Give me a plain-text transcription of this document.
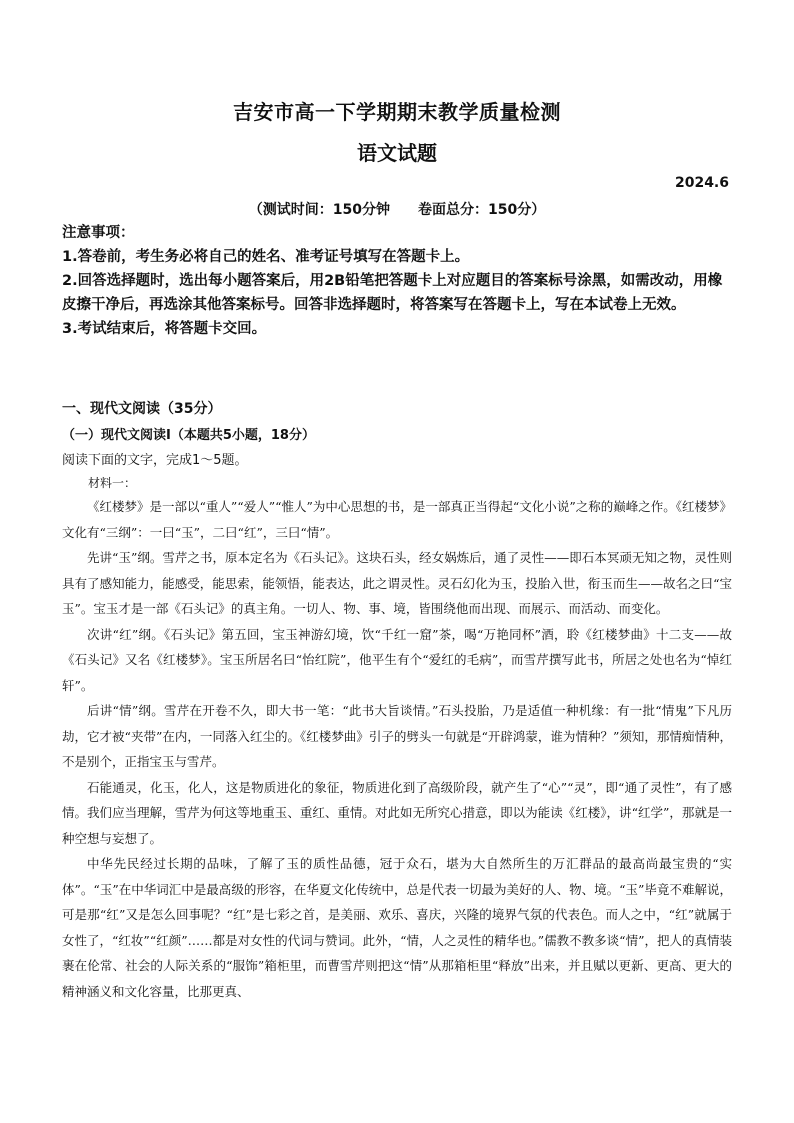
吉安市高一下学期期末教学质量检测
语文试题
2024.6
（测试时间：150分钟 卷面总分：150分）

注意事项：

1.答卷前，考生务必将自己的姓名、准考证号填写在答题卡上。

2.回答选择题时，选出每小题答案后，用2B铅笔把答题卡上对应题目的答案标号涂黑，如需改动，用橡皮擦干净后，再选涂其他答案标号。回答非选择题时，将答案写在答题卡上，写在本试卷上无效。

3.考试结束后，将答题卡交回。

一、现代文阅读（35分）
（一）现代文阅读Ⅰ（本题共5小题，18分）
阅读下面的文字，完成1～5题。
材料一：

《红楼梦》是一部以“重人”“爱人”“惟人”为中心思想的书，是一部真正当得起“文化小说”之称的巅峰之作。《红楼梦》文化有“三纲”：一曰“玉”，二曰“红”，三曰“情”。

先讲“玉”纲。雪芹之书，原本定名为《石头记》。这块石头，经女娲炼后，通了灵性——即石本冥顽无知之物，灵性则具有了感知能力，能感受，能思索，能领悟，能表达，此之谓灵性。灵石幻化为玉，投胎入世，衔玉而生——故名之曰“宝玉”。宝玉才是一部《石头记》的真主角。一切人、物、事、境，皆围绕他而出现、而展示、而活动、而变化。

次讲“红”纲。《石头记》第五回，宝玉神游幻境，饮“千红一窟”茶，喝“万艳同杯”酒，聆《红楼梦曲》十二支——故《石头记》又名《红楼梦》。宝玉所居名曰“怡红院”，他平生有个“爱红的毛病”，而雪芹撰写此书，所居之处也名为“悼红轩”。

后讲“情”纲。雪芹在开卷不久，即大书一笔：“此书大旨谈情。”石头投胎，乃是适值一种机缘：有一批“情鬼”下凡历劫，它才被“夹带”在内，一同落入红尘的。《红楼梦曲》引子的劈头一句就是“开辟鸿蒙，谁为情种？”须知，那情痴情种，不是别个，正指宝玉与雪芹。

石能通灵，化玉，化人，这是物质进化的象征，物质进化到了高级阶段，就产生了“心”“灵”，即“通了灵性”，有了感情。我们应当理解，雪芹为何这等地重玉、重红、重情。对此如无所究心措意，即以为能读《红楼》，讲“红学”，那就是一种空想与妄想了。

中华先民经过长期的品味，了解了玉的质性品德，冠于众石，堪为大自然所生的万汇群品的最高尚最宝贵的“实体”。“玉”在中华词汇中是最高级的形容，在华夏文化传统中，总是代表一切最为美好的人、物、境。“玉”毕竟不难解说，可是那“红”又是怎么回事呢？“红”是七彩之首，是美丽、欢乐、喜庆，兴隆的境界气氛的代表色。而人之中，“红”就属于女性了，“红妆”“红颜”……都是对女性的代词与赞词。此外，“情，人之灵性的精华也。”儒教不教多谈“情”，把人的真情装裹在伦常、社会的人际关系的“服饰”箱柜里，而曹雪芹则把这“情”从那箱柜里“释放”出来，并且赋以更新、更高、更大的精神涵义和文化容量，比那更真、
